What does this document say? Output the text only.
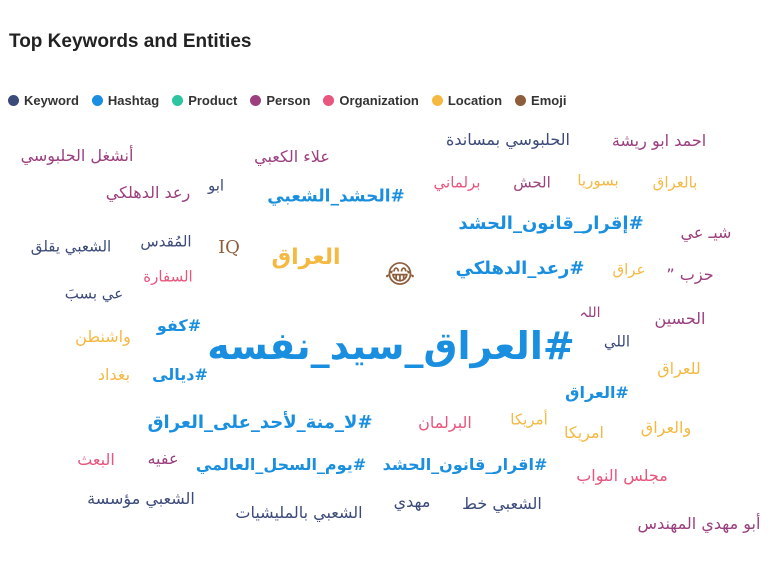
Top Keywords and Entities
Keyword Hashtag Product Person Organization Location Emoji
أنشغل الحلبوسي	علاء الكعبي
الحلبوسي بمساندة	احمد ابو ريشة
رعد الدهلكي ابو
#الحشد_الشعبي
برلماني الحش بسوريا بالعراق
#إقرار_قانون_الحشد شيـ عي
الشعبي يقلق المُقدس IQ العراق
😂 #رعد_الدهلكي عراق حزب ”
السفارة
عي بسبَ
اللہ	الحسين
#كفو
واشنطن #العراق_سيد_نفسه اللي
#ديالى
بغداد	للعراق
#العراق
#لا_منة_لأحد_على_العراق	البرلمان	أمريكا
امريكا والعراق
البعث عفيه #يوم_السحل_العالمي #اقرار_قانون_الحشد
مجلس النواب
الشعبي مؤسسة	مهدي الشعبي خط
الشعبي بالمليشيات
أبو مهدي المهندس
